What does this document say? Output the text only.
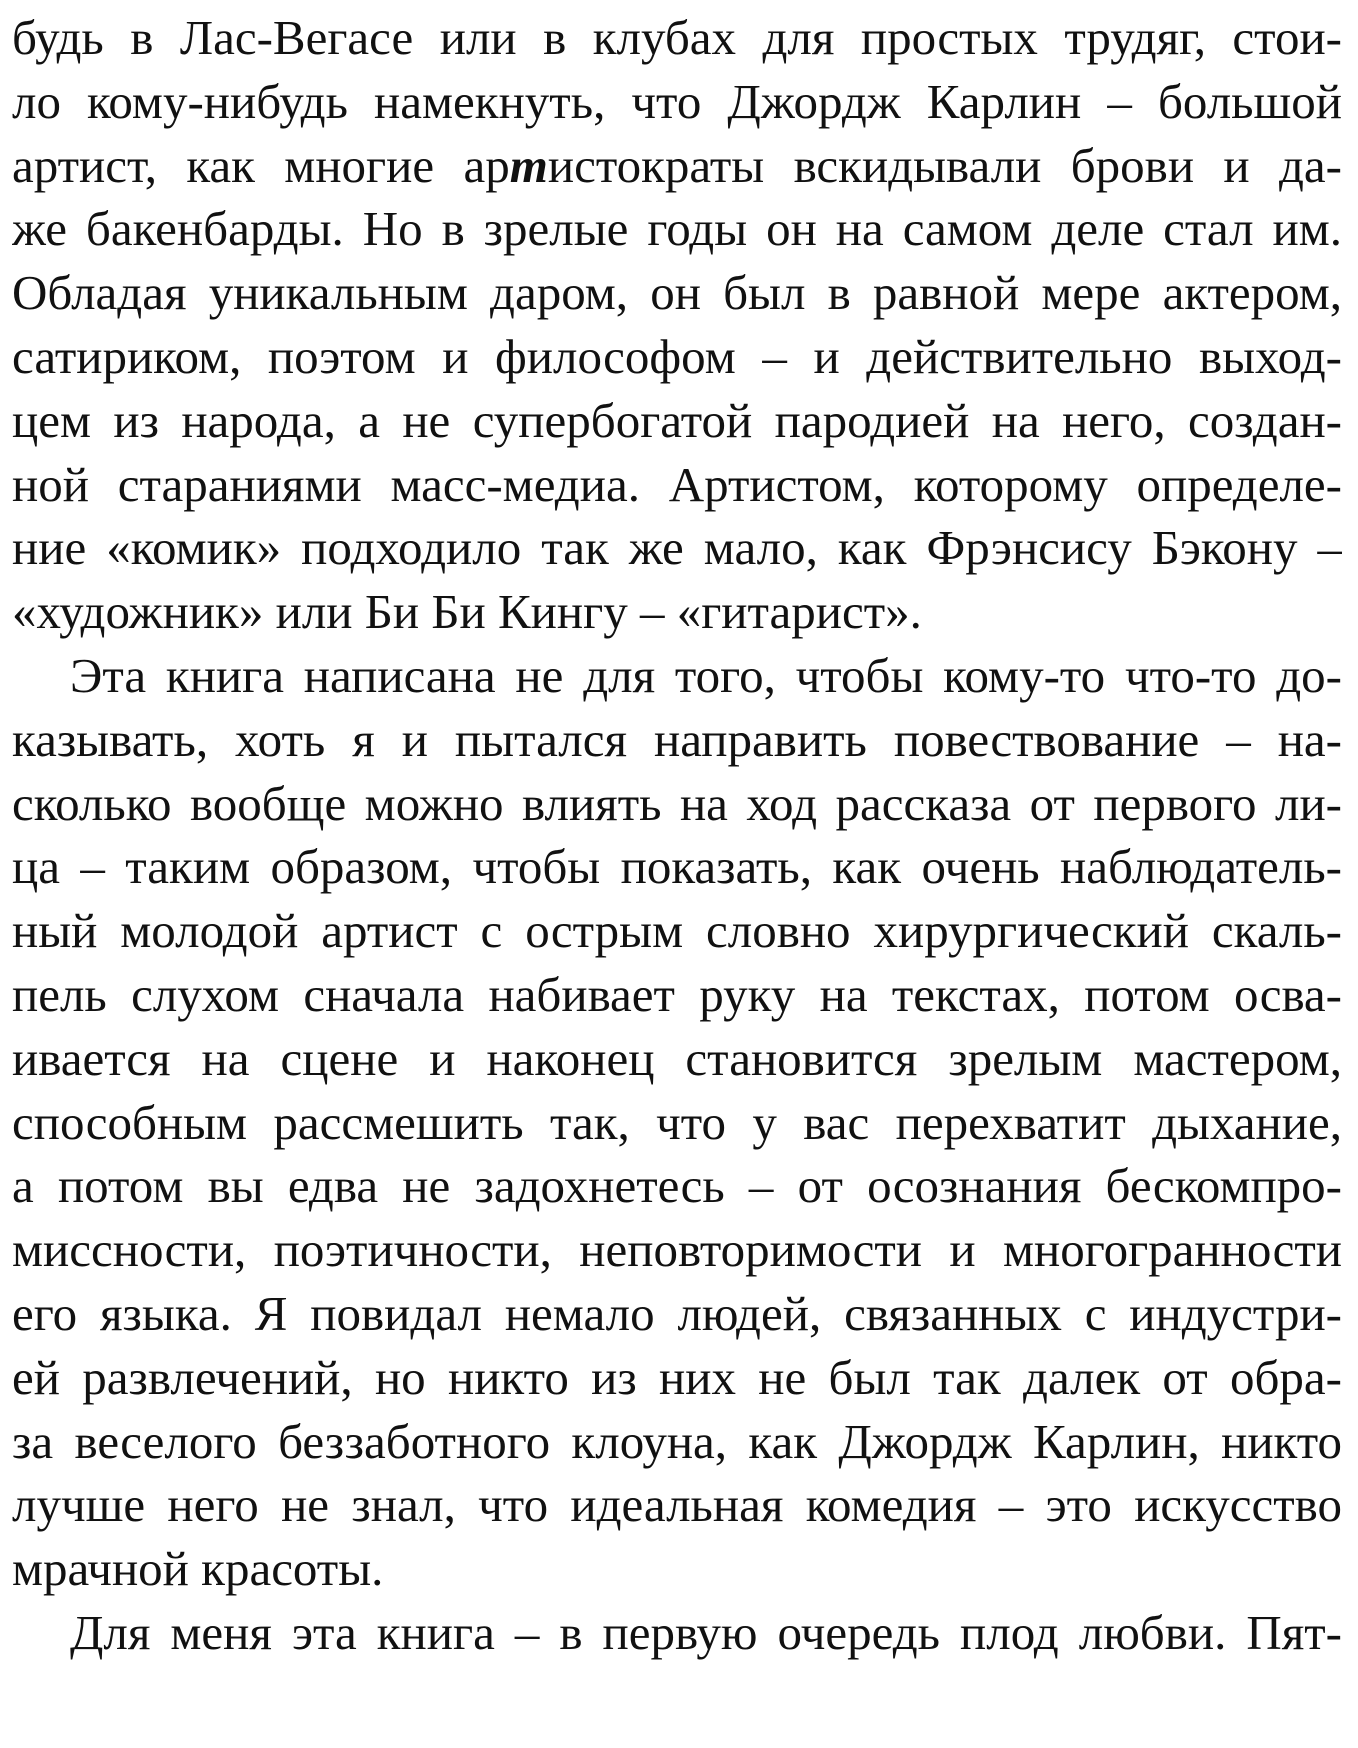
будь в Лас-Вегасе или в клубах для простых трудяг, стои-
ло кому-нибудь намекнуть, что Джордж Карлин – большой
артист, как многие артистократы вскидывали брови и да-
же бакенбарды. Но в зрелые годы он на самом деле стал им.
Обладая уникальным даром, он был в равной мере актером,
сатириком, поэтом и философом – и действительно выход-
цем из народа, а не супербогатой пародией на него, создан-
ной стараниями масс-медиа. Артистом, которому определе-
ние «комик» подходило так же мало, как Фрэнсису Бэкону –
«художник» или Би Би Кингу – «гитарист».
Эта книга написана не для того, чтобы кому-то что-то до-
казывать, хоть я и пытался направить повествование – на-
сколько вообще можно влиять на ход рассказа от первого ли-
ца – таким образом, чтобы показать, как очень наблюдатель-
ный молодой артист с острым словно хирургический скаль-
пель слухом сначала набивает руку на текстах, потом осва-
ивается на сцене и наконец становится зрелым мастером,
способным рассмешить так, что у вас перехватит дыхание,
а потом вы едва не задохнетесь – от осознания бескомпро-
миссности, поэтичности, неповторимости и многогранности
его языка. Я повидал немало людей, связанных с индустри-
ей развлечений, но никто из них не был так далек от обра-
за веселого беззаботного клоуна, как Джордж Карлин, никто
лучше него не знал, что идеальная комедия – это искусство
мрачной красоты.
Для меня эта книга – в первую очередь плод любви. Пят-
